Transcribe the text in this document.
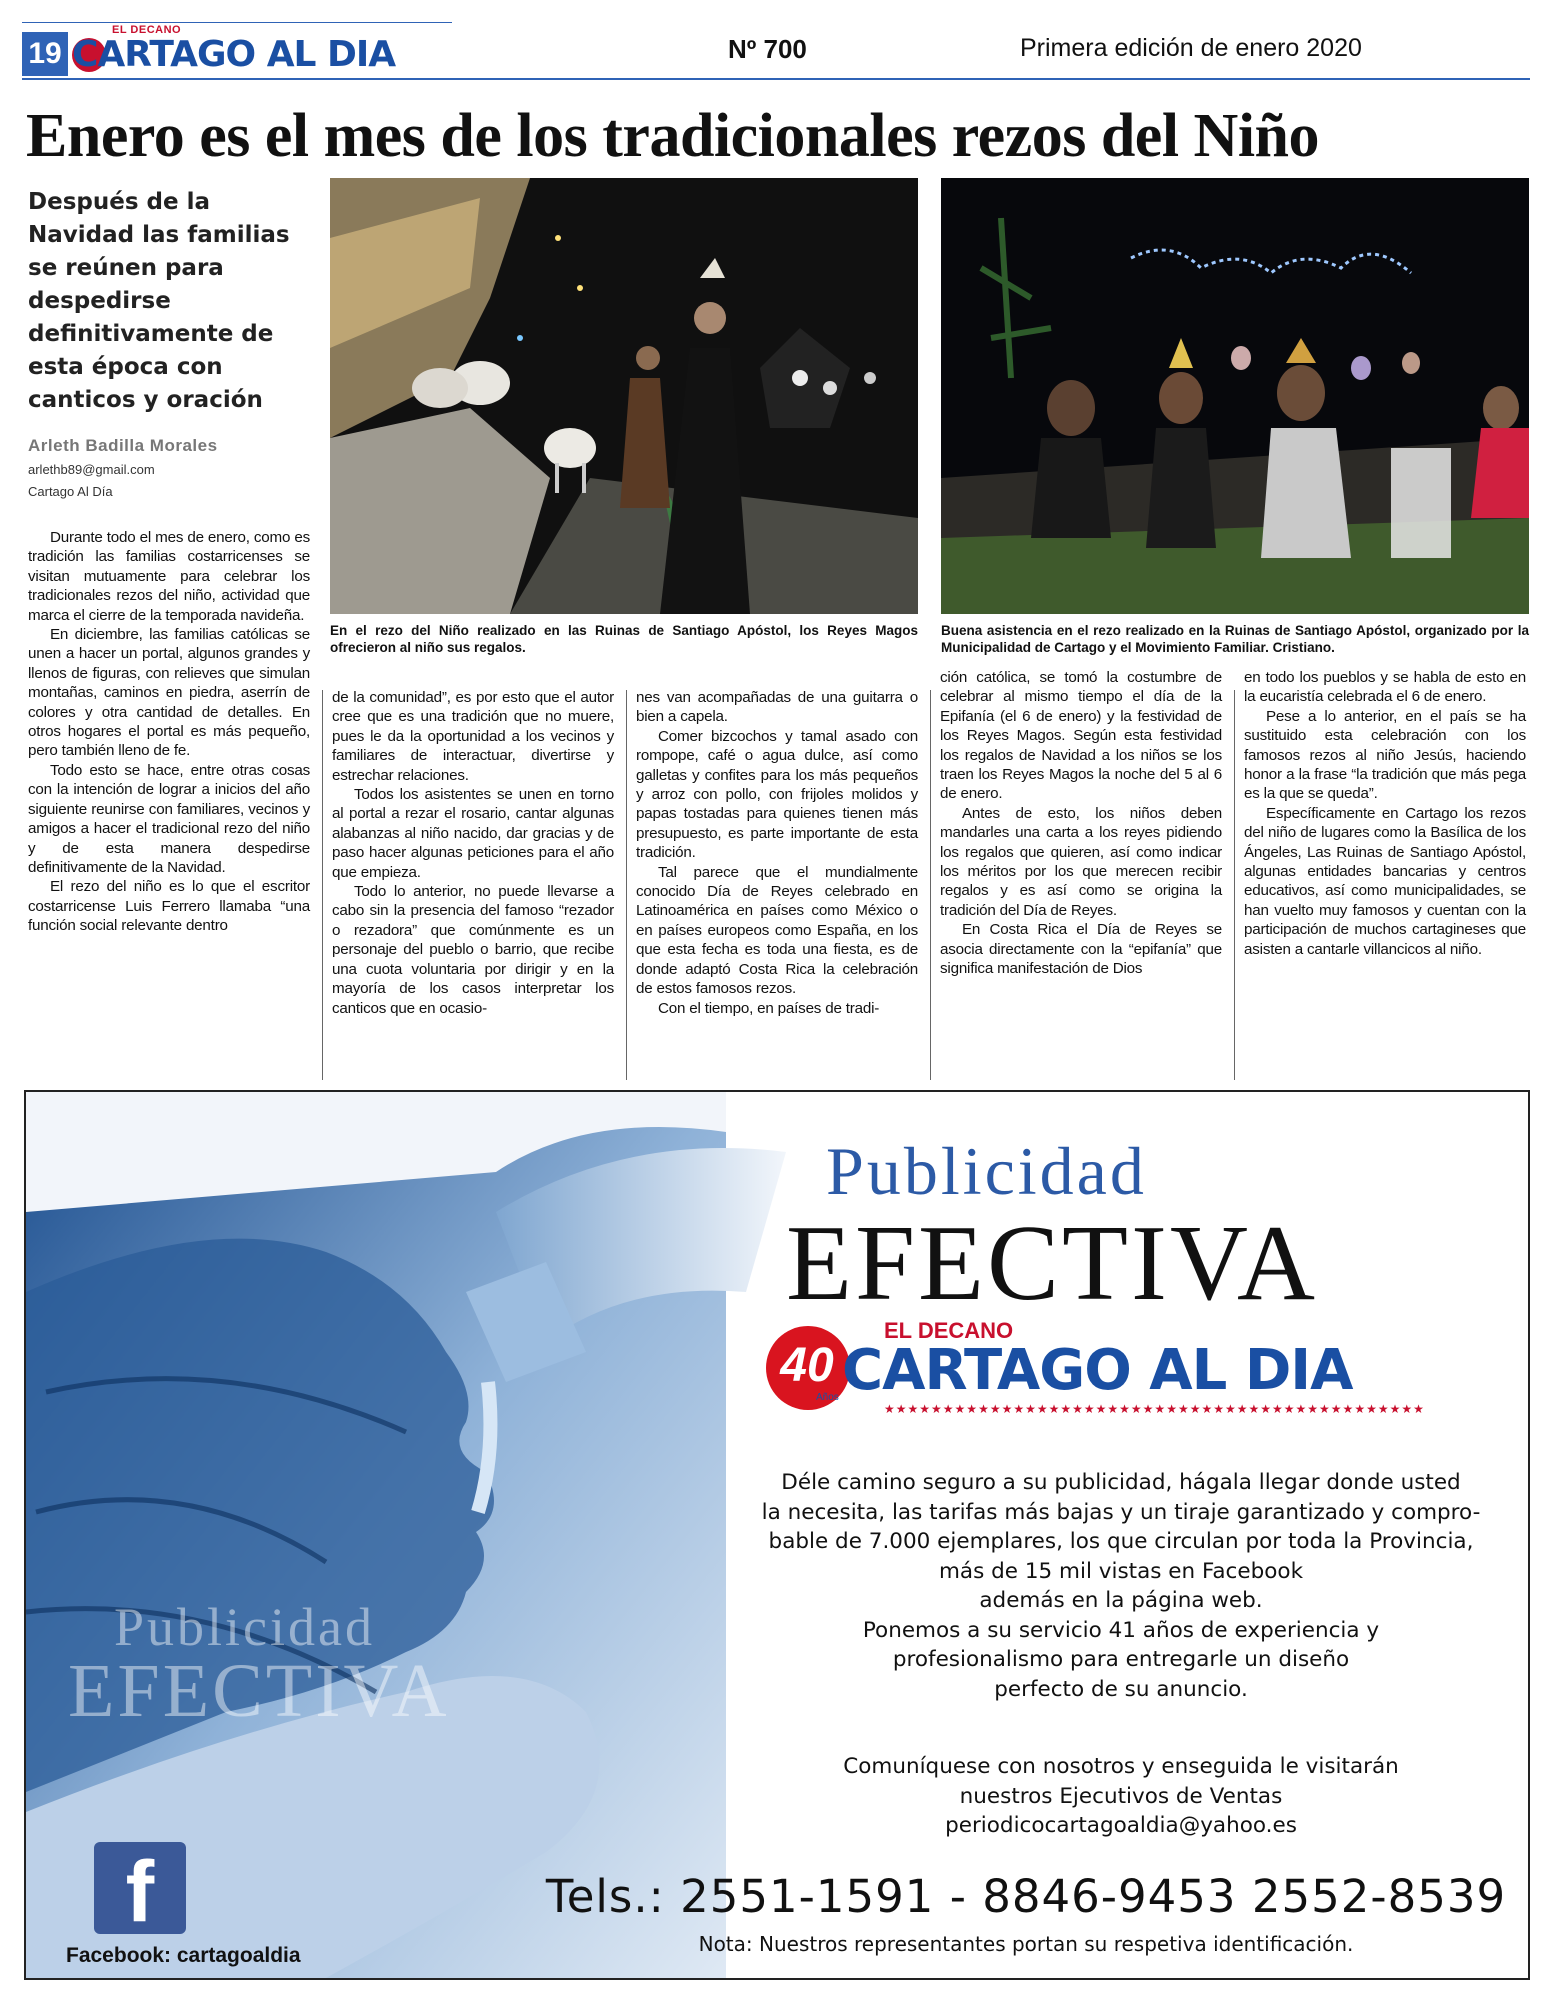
19
EL DECANO
CARTAGO AL DIA	Nº 700	Primera edición de enero 2020
Enero es el mes de los tradicionales rezos del Niño
Después de la Navidad las familias se reúnen para despedirse definitivamente de esta época con canticos y oración
Arleth Badilla Morales
arlethb89@gmail.com
Cartago Al Día
En el rezo del Niño realizado en las Ruinas de Santiago Apóstol, los Reyes Magos ofrecieron al niño sus regalos.
Buena asistencia en el rezo realizado en la Ruinas de Santiago Apóstol, organizado por la Municipalidad de Cartago y el Movimiento Familiar. Cristiano.

Durante todo el mes de enero, como es tradición las familias costarricenses se visitan mutuamente para celebrar los tradicionales rezos del niño, actividad que marca el cierre de la temporada navideña.

En diciembre, las familias católicas se unen a hacer un portal, algunos grandes y llenos de figuras, con relieves que simulan montañas, caminos en piedra, aserrín de colores y otra cantidad de detalles. En otros hogares el portal es más pequeño, pero también lleno de fe.

Todo esto se hace, entre otras cosas con la intención de lograr a inicios del año siguiente reunirse con familiares, vecinos y amigos a hacer el tradicional rezo del niño y de esta manera despedirse definitivamente de la Navidad.

El rezo del niño es lo que el escritor costarricense Luis Ferrero llamaba “una función social relevante dentro

de la comunidad”, es por esto que el autor cree que es una tradición que no muere, pues le da la oportunidad a los vecinos y familiares de interactuar, divertirse y estrechar relaciones.

Todos los asistentes se unen en torno al portal a rezar el rosario, cantar algunas alabanzas al niño nacido, dar gracias y de paso hacer algunas peticiones para el año que empieza.

Todo lo anterior, no puede llevarse a cabo sin la presencia del famoso “rezador o rezadora” que comúnmente es un personaje del pueblo o barrio, que recibe una cuota voluntaria por dirigir y en la mayoría de los casos interpretar los canticos que en ocasio-

nes van acompañadas de una guitarra o bien a capela.

Comer bizcochos y tamal asado con rompope, café o agua dulce, así como galletas y confites para los más pequeños y arroz con pollo, con frijoles molidos y papas tostadas para quienes tienen más presupuesto, es parte importante de esta tradición.

Tal parece que el mundialmente conocido Día de Reyes celebrado en Latinoamérica en países como México o en países europeos como España, en los que esta fecha es toda una fiesta, es de donde adaptó Costa Rica la celebración de estos famosos rezos.

Con el tiempo, en países de tradi-

ción católica, se tomó la costumbre de celebrar al mismo tiempo el día de la Epifanía (el 6 de enero) y la festividad de los Reyes Magos. Según esta festividad los regalos de Navidad a los niños se los traen los Reyes Magos la noche del 5 al 6 de enero.

Antes de esto, los niños deben mandarles una carta a los reyes pidiendo los regalos que quieren, así como indicar los méritos por los que merecen recibir regalos y es así como se origina la tradición del Día de Reyes.

En Costa Rica el Día de Reyes se asocia directamente con la “epifanía” que significa manifestación de Dios

en todo los pueblos y se habla de esto en la eucaristía celebrada el 6 de enero.

Pese a lo anterior, en el país se ha sustituido esta celebración con los famosos rezos al niño Jesús, haciendo honor a la frase “la tradición que más pega es la que se queda”.

Específicamente en Cartago los rezos del niño de lugares como la Basílica de los Ángeles, Las Ruinas de Santiago Apóstol, algunas entidades bancarias y centros educativos, así como municipalidades, se han vuelto muy famosos y cuentan con la participación de muchos cartagineses que asisten a cantarle villancicos al niño.

Publicidad
EFECTIVA
Publicidad
EFECTIVA
40
Años
EL DECANO
CARTAGO AL DIA
★★★★★★★★★★★★★★★★★★★★★★★★★★★★★★★★★★★★★★★★★★★★★★
Déle camino seguro a su publicidad, hágala llegar donde usted
la necesita, las tarifas más bajas y un tiraje garantizado y compro-
bable de 7.000 ejemplares, los que circulan por toda la Provincia,
más de 15 mil vistas en Facebook
además en la página web.
Ponemos a su servicio 41 años de experiencia y
profesionalismo para entregarle un diseño
perfecto de su anuncio.
Comuníquese con nosotros y enseguida le visitarán
nuestros Ejecutivos de Ventas
periodicocartagoaldia@yahoo.es
f
Facebook: cartagoaldia
Tels.: 2551-1591 - 8846-9453 2552-8539
Nota: Nuestros representantes portan su respetiva identificación.
